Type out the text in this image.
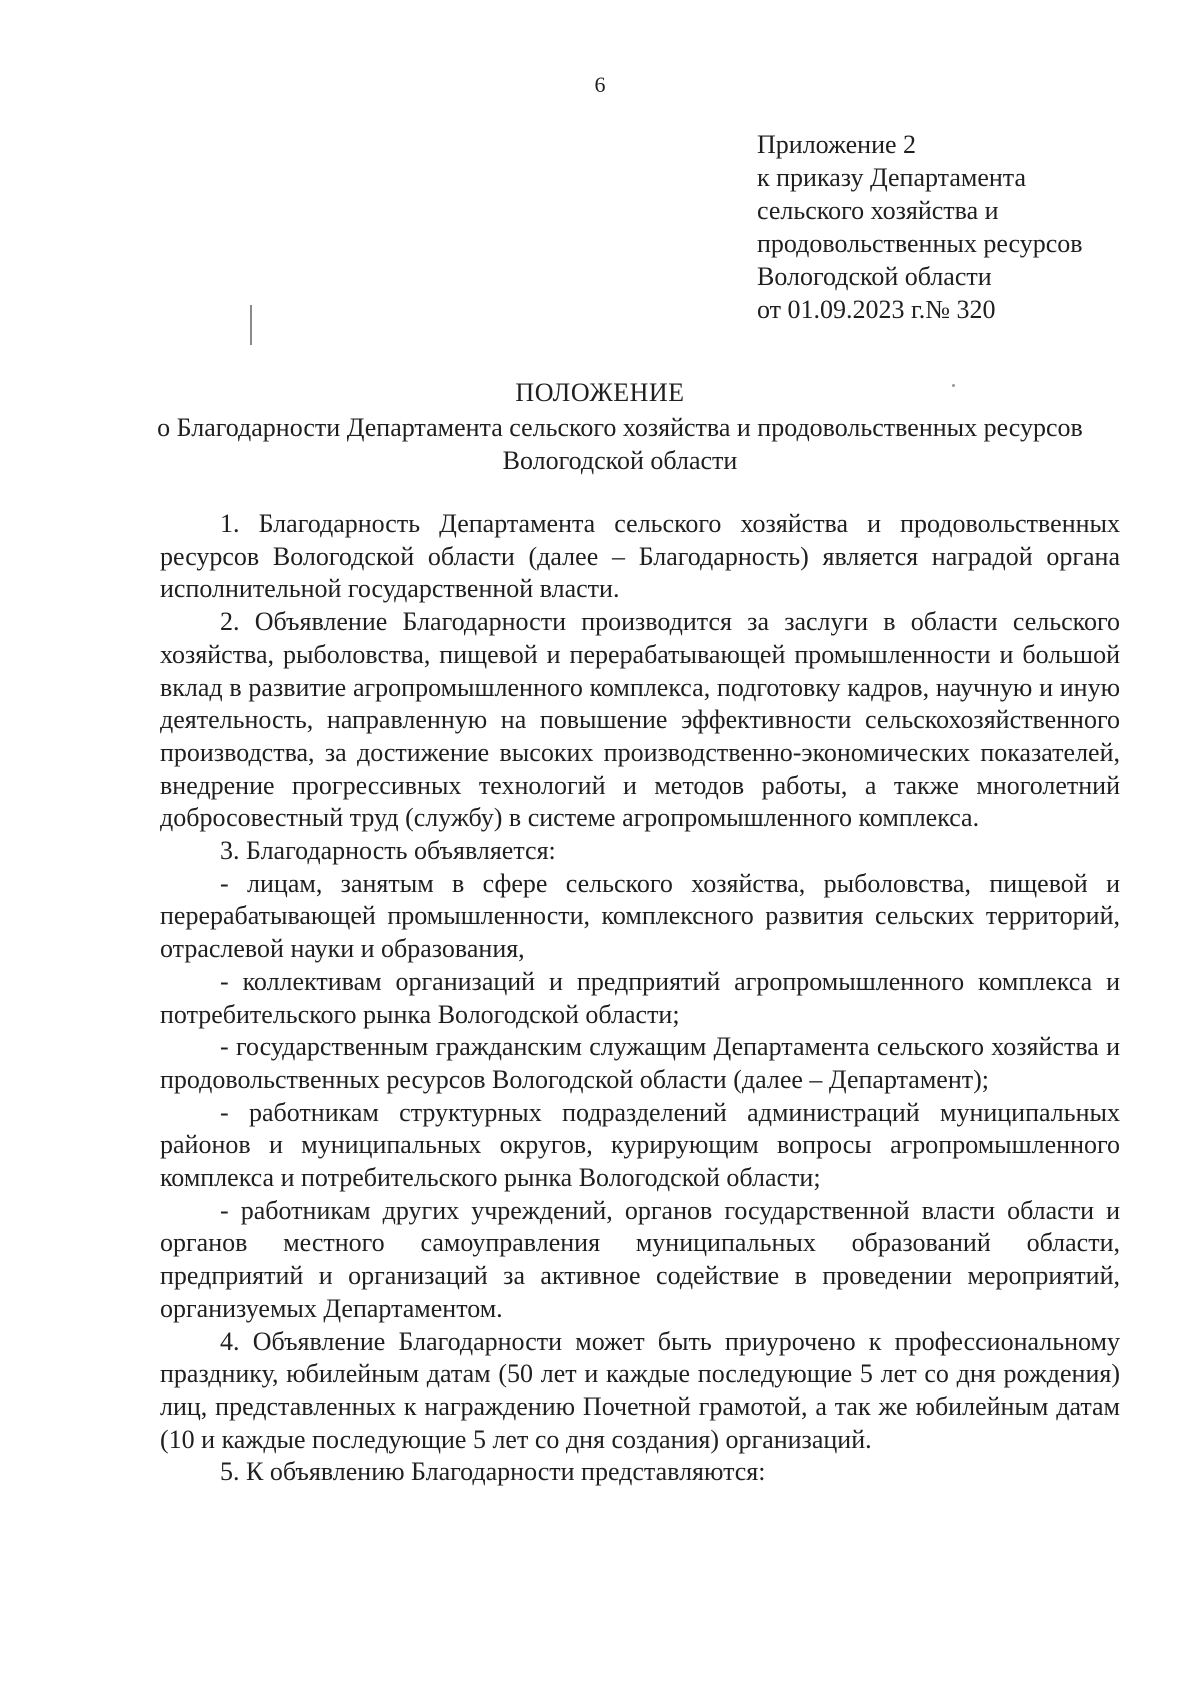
6
Приложение 2
к приказу Департамента
сельского хозяйства и
продовольственных ресурсов
Вологодской области
от 01.09.2023 г.№ 320
ПОЛОЖЕНИЕ
о Благодарности Департамента сельского хозяйства и продовольственных ресурсов Вологодской области

1. Благодарность Департамента сельского хозяйства и продовольственных ресурсов Вологодской области (далее – Благодарность) является наградой органа исполнительной государственной власти.

2. Объявление Благодарности производится за заслуги в области сельского хозяйства, рыболовства, пищевой и перерабатывающей промышленности и большой вклад в развитие агропромышленного комплекса, подготовку кадров, научную и иную деятельность, направленную на повышение эффективности сельскохозяйственного производства, за достижение высоких производственно-экономических показателей, внедрение прогрессивных технологий и методов работы, а также многолетний добросовестный труд (службу) в системе агропромышленного комплекса.

3. Благодарность объявляется:

- лицам, занятым в сфере сельского хозяйства, рыболовства, пищевой и перерабатывающей промышленности, комплексного развития сельских территорий, отраслевой науки и образования,

- коллективам организаций и предприятий агропромышленного комплекса и потребительского рынка Вологодской области;

- государственным гражданским служащим Департамента сельского хозяйства и продовольственных ресурсов Вологодской области (далее – Департамент);

- работникам структурных подразделений администраций муниципальных районов и муниципальных округов, курирующим вопросы агропромышленного комплекса и потребительского рынка Вологодской области;

- работникам других учреждений, органов государственной власти области и органов местного самоуправления муниципальных образований области, предприятий и организаций за активное содействие в проведении мероприятий, организуемых Департаментом.

4. Объявление Благодарности может быть приурочено к профессиональному празднику, юбилейным датам (50 лет и каждые последующие 5 лет со дня рождения) лиц, представленных к награждению Почетной грамотой, а так же юбилейным датам (10 и каждые последующие 5 лет со дня создания) организаций.

5. К объявлению Благодарности представляются:
